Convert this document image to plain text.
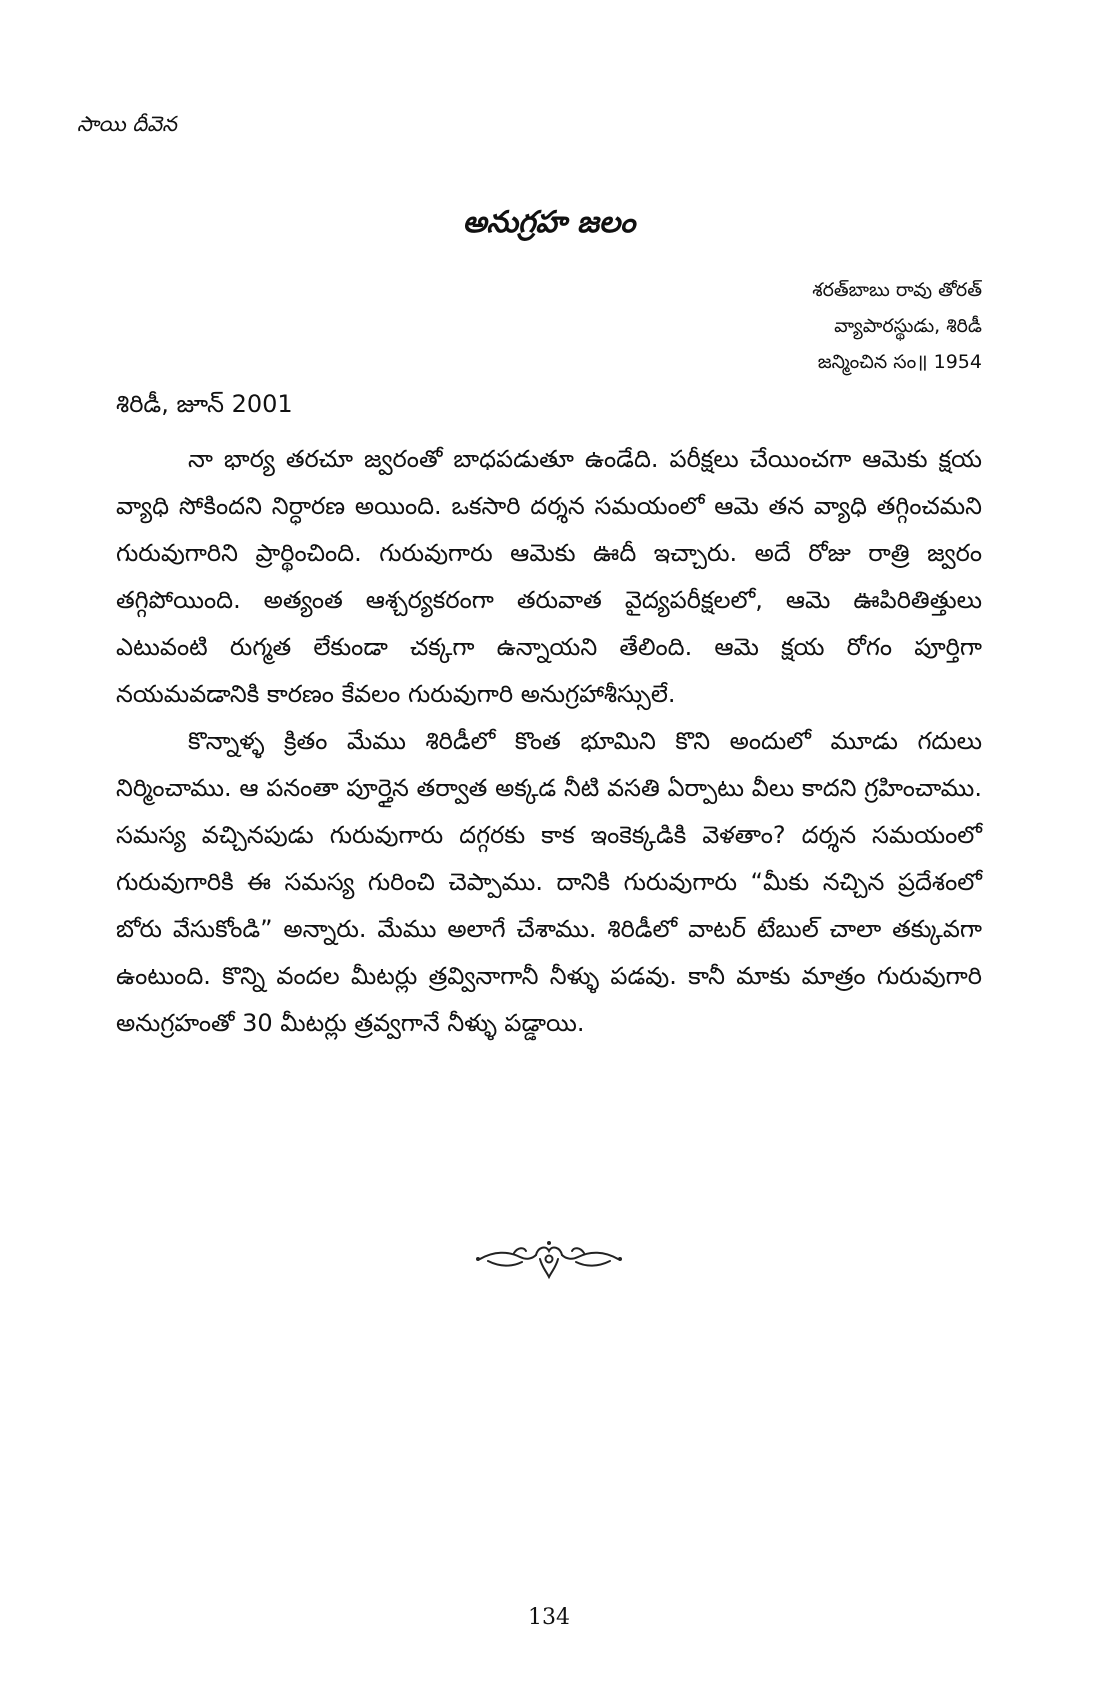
సాయి దీవెన
అనుగ్రహ జలం
శరత్‌బాబు రావు తోరత్
వ్యాపారస్థుడు, శిరిడీ
జన్మించిన సం॥ 1954
శిరిడీ, జూన్ 2001

నా భార్య తరచూ జ్వరంతో బాధపడుతూ ఉండేది. పరీక్షలు చేయించగా ఆమెకు క్షయ వ్యాధి సోకిందని నిర్ధారణ అయింది. ఒకసారి దర్శన సమయంలో ఆమె తన వ్యాధి తగ్గించమని గురువుగారిని ప్రార్థించింది. గురువుగారు ఆమెకు ఊదీ ఇచ్చారు. అదే రోజు రాత్రి జ్వరం తగ్గిపోయింది. అత్యంత ఆశ్చర్యకరంగా తరువాత వైద్యపరీక్షలలో, ఆమె ఊపిరితిత్తులు ఎటువంటి రుగ్మత లేకుండా చక్కగా ఉన్నాయని తేలింది. ఆమె క్షయ రోగం పూర్తిగా నయమవడానికి కారణం కేవలం గురువుగారి అనుగ్రహాశీస్సులే.

కొన్నాళ్ళ క్రితం మేము శిరిడీలో కొంత భూమిని కొని అందులో మూడు గదులు నిర్మించాము. ఆ పనంతా పూర్తైన తర్వాత అక్కడ నీటి వసతి ఏర్పాటు వీలు కాదని గ్రహించాము. సమస్య వచ్చినపుడు గురువుగారు దగ్గరకు కాక ఇంకెక్కడికి వెళతాం? దర్శన సమయంలో గురువుగారికి ఈ సమస్య గురించి చెప్పాము. దానికి గురువుగారు “మీకు నచ్చిన ప్రదేశంలో బోరు వేసుకోండి” అన్నారు. మేము అలాగే చేశాము. శిరిడీలో వాటర్ టేబుల్ చాలా తక్కువగా ఉంటుంది. కొన్ని వందల మీటర్లు త్రవ్వినాగానీ నీళ్ళు పడవు. కానీ మాకు మాత్రం గురువుగారి అనుగ్రహంతో 30 మీటర్లు త్రవ్వగానే నీళ్ళు పడ్డాయి.

134
